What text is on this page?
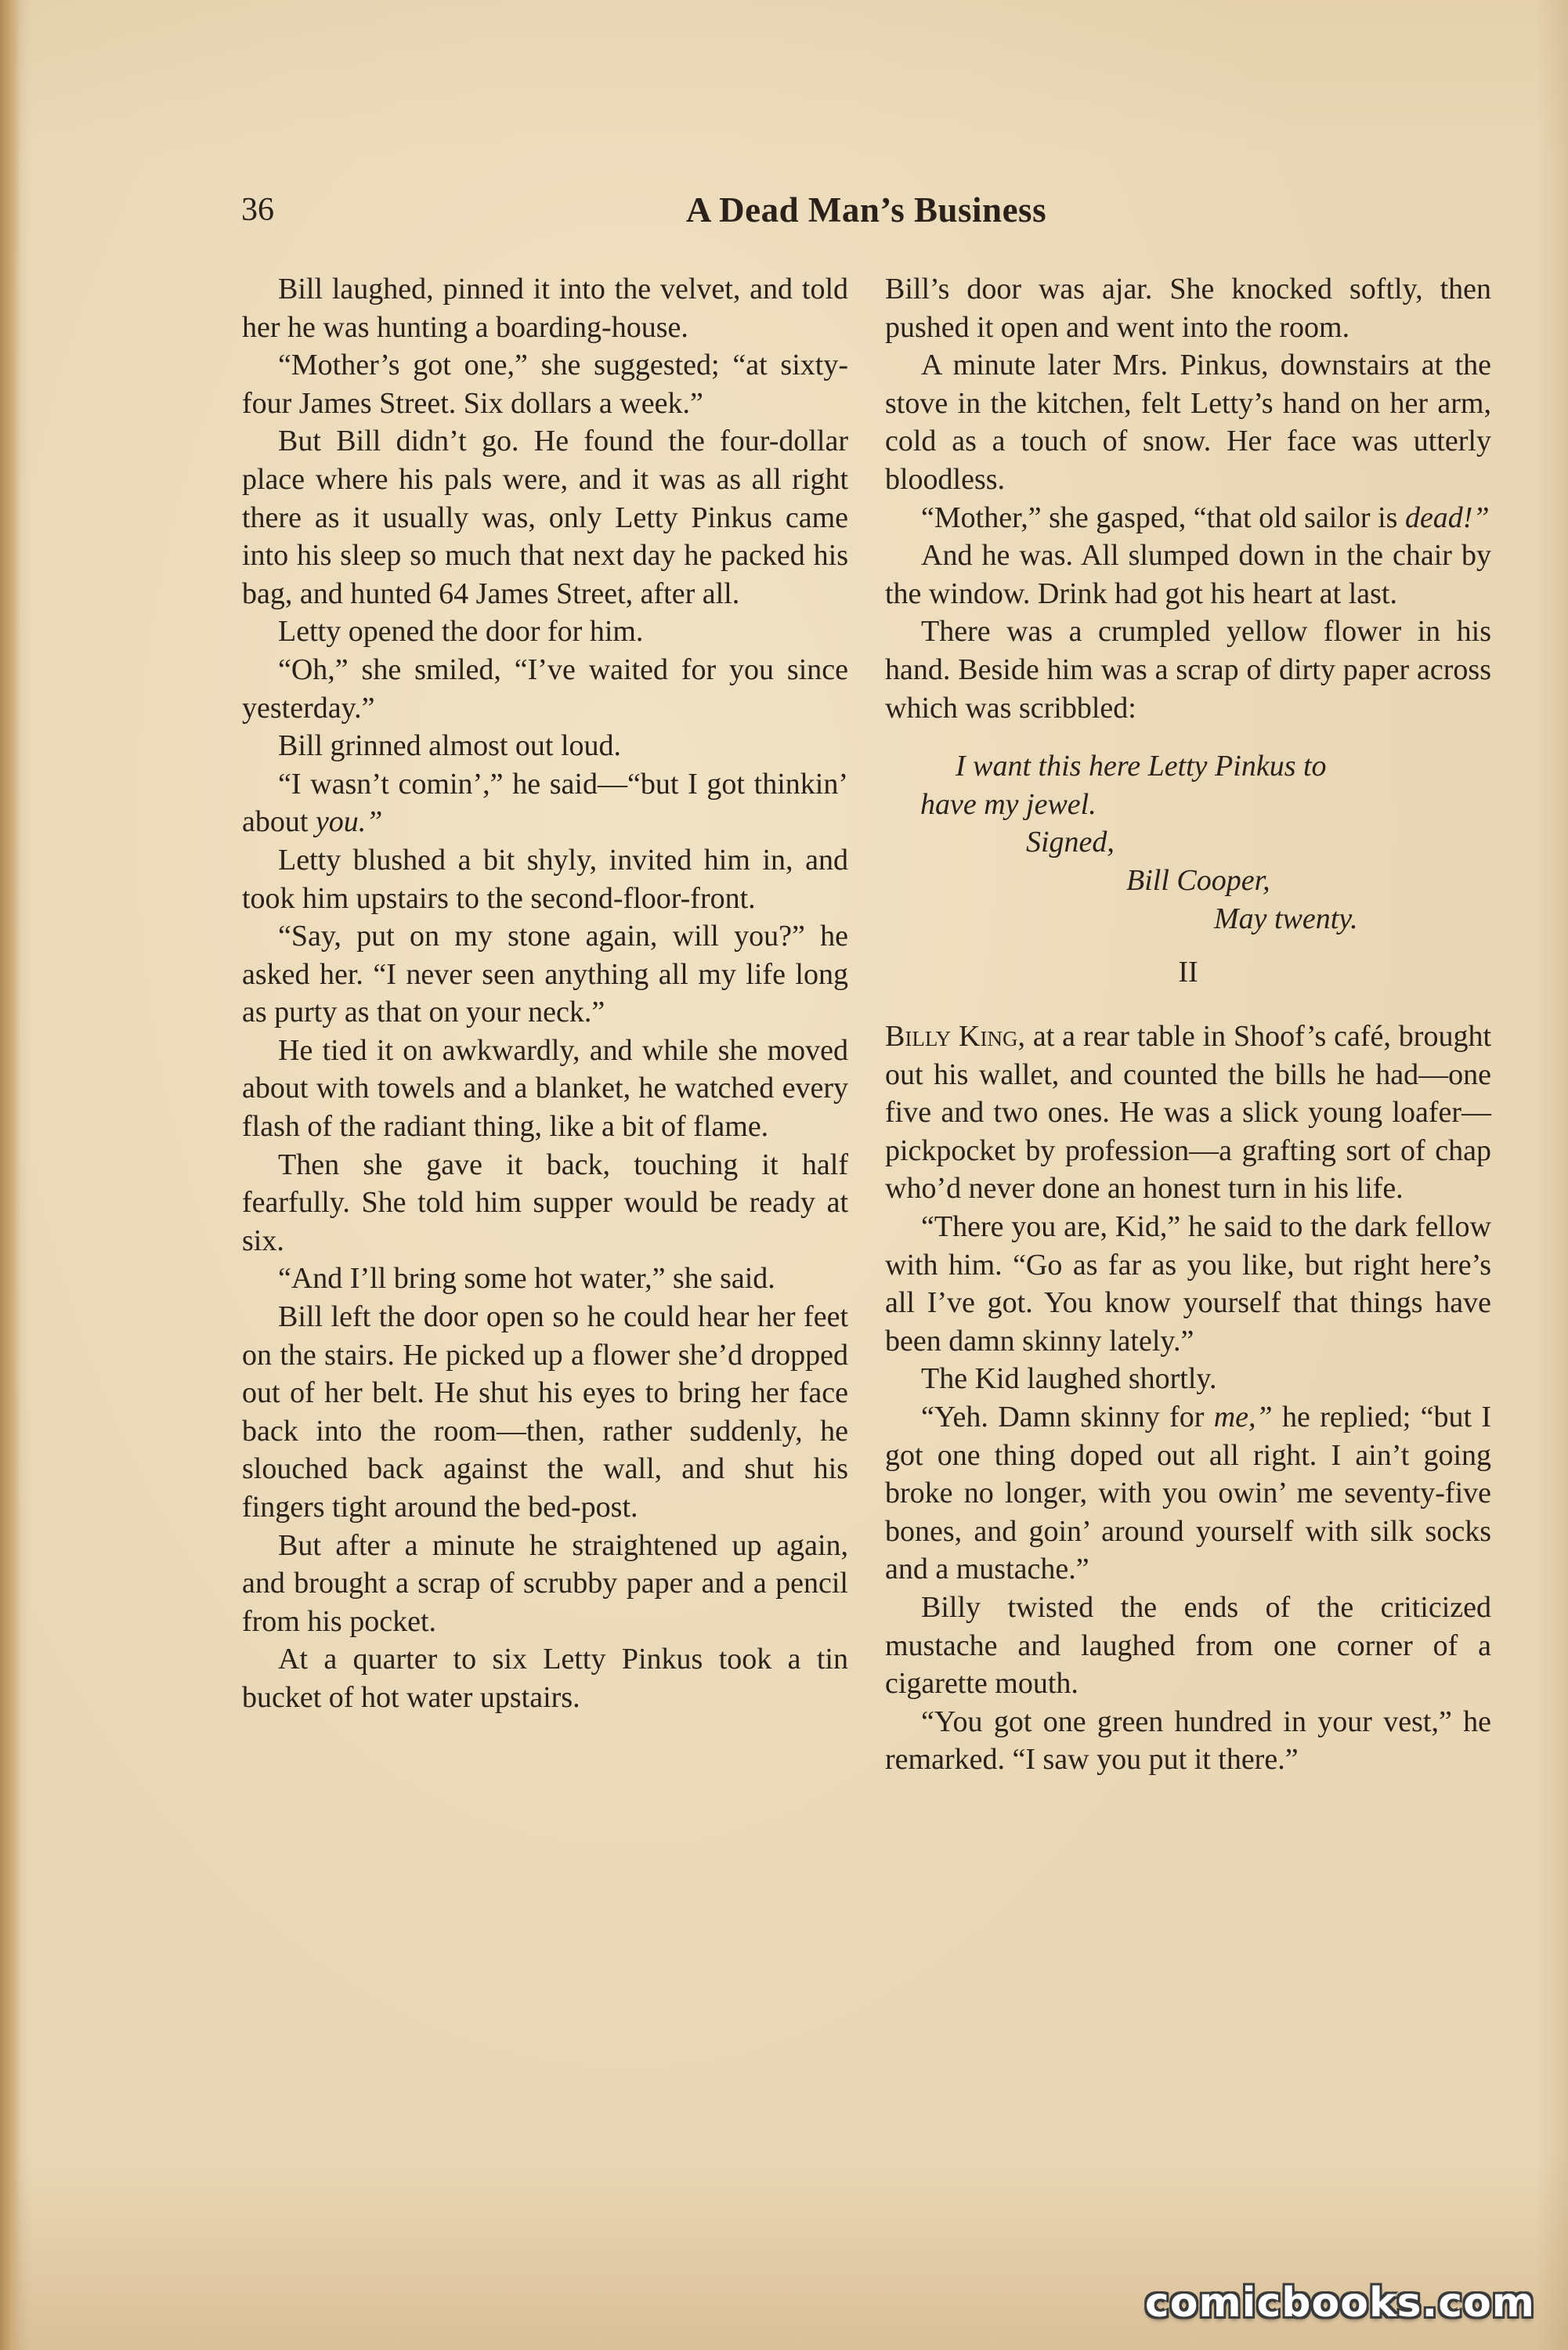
36	A Dead Man’s Business

Bill laughed, pinned it into the velvet, and told her he was hunting a boarding-house.

“Mother’s got one,” she suggested; “at sixty-four James Street. Six dollars a week.”

But Bill didn’t go. He found the four-dollar place where his pals were, and it was as all right there as it usually was, only Letty Pinkus came into his sleep so much that next day he packed his bag, and hunted 64 James Street, after all.

Letty opened the door for him.

“Oh,” she smiled, “I’ve waited for you since yesterday.”

Bill grinned almost out loud.

“I wasn’t comin’,” he said—“but I got thinkin’ about you.”

Letty blushed a bit shyly, invited him in, and took him upstairs to the second-floor-front.

“Say, put on my stone again, will you?” he asked her. “I never seen anything all my life long as purty as that on your neck.”

He tied it on awkwardly, and while she moved about with towels and a blanket, he watched every flash of the radiant thing, like a bit of flame.

Then she gave it back, touching it half fearfully. She told him supper would be ready at six.

“And I’ll bring some hot water,” she said.

Bill left the door open so he could hear her feet on the stairs. He picked up a flower she’d dropped out of her belt. He shut his eyes to bring her face back into the room—then, rather suddenly, he slouched back against the wall, and shut his fingers tight around the bed-post.

But after a minute he straightened up again, and brought a scrap of scrubby paper and a pencil from his pocket.

At a quarter to six Letty Pinkus took a tin bucket of hot water upstairs.

Bill’s door was ajar. She knocked softly, then pushed it open and went into the room.

A minute later Mrs. Pinkus, downstairs at the stove in the kitchen, felt Letty’s hand on her arm, cold as a touch of snow. Her face was utterly bloodless.

“Mother,” she gasped, “that old sailor is dead!”

And he was. All slumped down in the chair by the window. Drink had got his heart at last.

There was a crumpled yellow flower in his hand. Beside him was a scrap of dirty paper across which was scribbled:

I want this here Letty Pinkus to
have my jewel.
Signed,
Bill Cooper,
May twenty.
II

Billy King, at a rear table in Shoof’s café, brought out his wallet, and counted the bills he had—one five and two ones. He was a slick young loafer—pickpocket by profession—a grafting sort of chap who’d never done an honest turn in his life.

“There you are, Kid,” he said to the dark fellow with him. “Go as far as you like, but right here’s all I’ve got. You know yourself that things have been damn skinny lately.”

The Kid laughed shortly.

“Yeh. Damn skinny for me,” he replied; “but I got one thing doped out all right. I ain’t going broke no longer, with you owin’ me seventy-five bones, and goin’ around yourself with silk socks and a mustache.”

Billy twisted the ends of the criticized mustache and laughed from one corner of a cigarette mouth.

“You got one green hundred in your vest,” he remarked. “I saw you put it there.”

comicbooks.com
